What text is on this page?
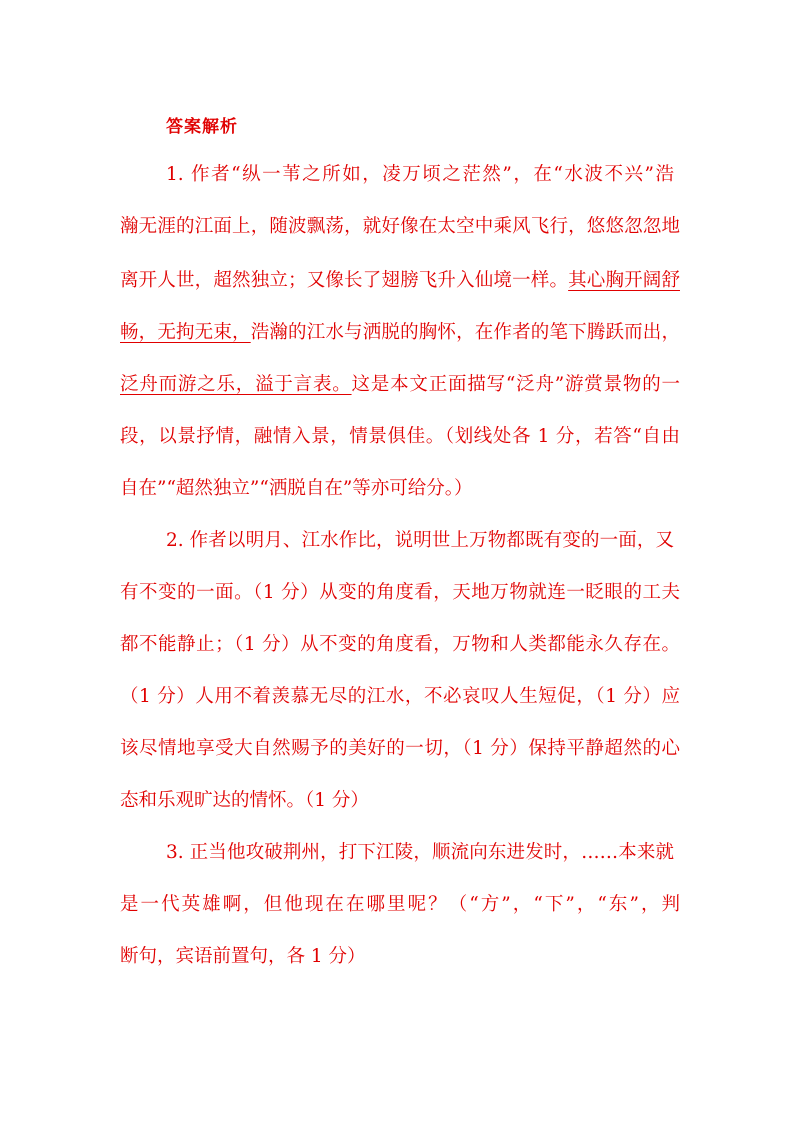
答案解析
1. 作者“纵一苇之所如，凌万顷之茫然”，在“水波不兴”浩
瀚无涯的江面上，随波飘荡，就好像在太空中乘风飞行，悠悠忽忽地
离开人世，超然独立；又像长了翅膀飞升入仙境一样。其心胸开阔舒
畅，无拘无束，浩瀚的江水与洒脱的胸怀，在作者的笔下腾跃而出，
泛舟而游之乐，溢于言表。这是本文正面描写“泛舟”游赏景物的一
段，以景抒情，融情入景，情景俱佳。（划线处各 1 分，若答“自由
自在”“超然独立”“洒脱自在”等亦可给分。）
2. 作者以明月、江水作比，说明世上万物都既有变的一面，又
有不变的一面。（1 分）从变的角度看，天地万物就连一眨眼的工夫
都不能静止；（1 分）从不变的角度看，万物和人类都能永久存在。
（1 分）人用不着羡慕无尽的江水，不必哀叹人生短促，（1 分）应
该尽情地享受大自然赐予的美好的一切，（1 分）保持平静超然的心
态和乐观旷达的情怀。（1 分）
3. 正当他攻破荆州，打下江陵，顺流向东进发时，……本来就
是一代英雄啊，但他现在在哪里呢？（“方”，“下”，“东”，判
断句，宾语前置句，各 1 分）
